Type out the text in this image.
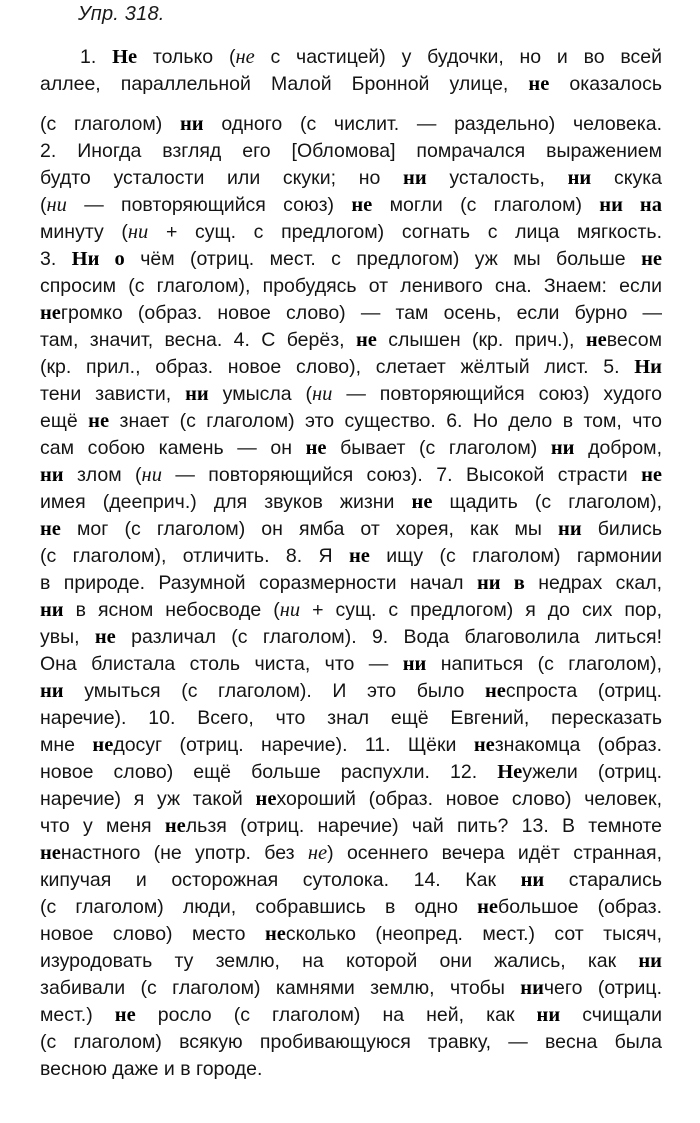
Упр. 318.
1. Не только (не с частицей) у будочки, но и во всей
аллее, параллельной Малой Бронной улице, не оказалось
(с глаголом) ни одного (с числит. — раздельно) человека.
2. Иногда взгляд его [Обломова] помрачался выражением
будто усталости или скуки; но ни усталость, ни скука
(ни — повторяющийся союз) не могли (с глаголом) ни на
минуту (ни + сущ. с предлогом) согнать с лица мягкость.
3. Ни о чём (отриц. мест. с предлогом) уж мы больше не
спросим (с глаголом), пробудясь от ленивого сна. Знаем: если
негромко (образ. новое слово) — там осень, если бурно —
там, значит, весна. 4. С берёз, не слышен (кр. прич.), невесом
(кр. прил., образ. новое слово), слетает жёлтый лист. 5. Ни
тени зависти, ни умысла (ни — повторяющийся союз) худого
ещё не знает (с глаголом) это существо. 6. Но дело в том, что
сам собою камень — он не бывает (с глаголом) ни добром,
ни злом (ни — повторяющийся союз). 7. Высокой страсти не
имея (дееприч.) для звуков жизни не щадить (с глаголом),
не мог (с глаголом) он ямба от хорея, как мы ни бились
(с глаголом), отличить. 8. Я не ищу (с глаголом) гармонии
в природе. Разумной соразмерности начал ни в недрах скал,
ни в ясном небосводе (ни + сущ. с предлогом) я до сих пор,
увы, не различал (с глаголом). 9. Вода благоволила литься!
Она блистала столь чиста, что — ни напиться (с глаголом),
ни умыться (с глаголом). И это было неспроста (отриц.
наречие). 10. Всего, что знал ещё Евгений, пересказать
мне недосуг (отриц. наречие). 11. Щёки незнакомца (образ.
новое слово) ещё больше распухли. 12. Неужели (отриц.
наречие) я уж такой нехороший (образ. новое слово) человек,
что у меня нельзя (отриц. наречие) чай пить? 13. В темноте
ненастного (не употр. без не) осеннего вечера идёт странная,
кипучая и осторожная сутолока. 14. Как ни старались
(с глаголом) люди, собравшись в одно небольшое (образ.
новое слово) место несколько (неопред. мест.) сот тысяч,
изуродовать ту землю, на которой они жались, как ни
забивали (с глаголом) камнями землю, чтобы ничего (отриц.
мест.) не росло (с глаголом) на ней, как ни счищали
(с глаголом) всякую пробивающуюся травку, — весна была
весною даже и в городе.
